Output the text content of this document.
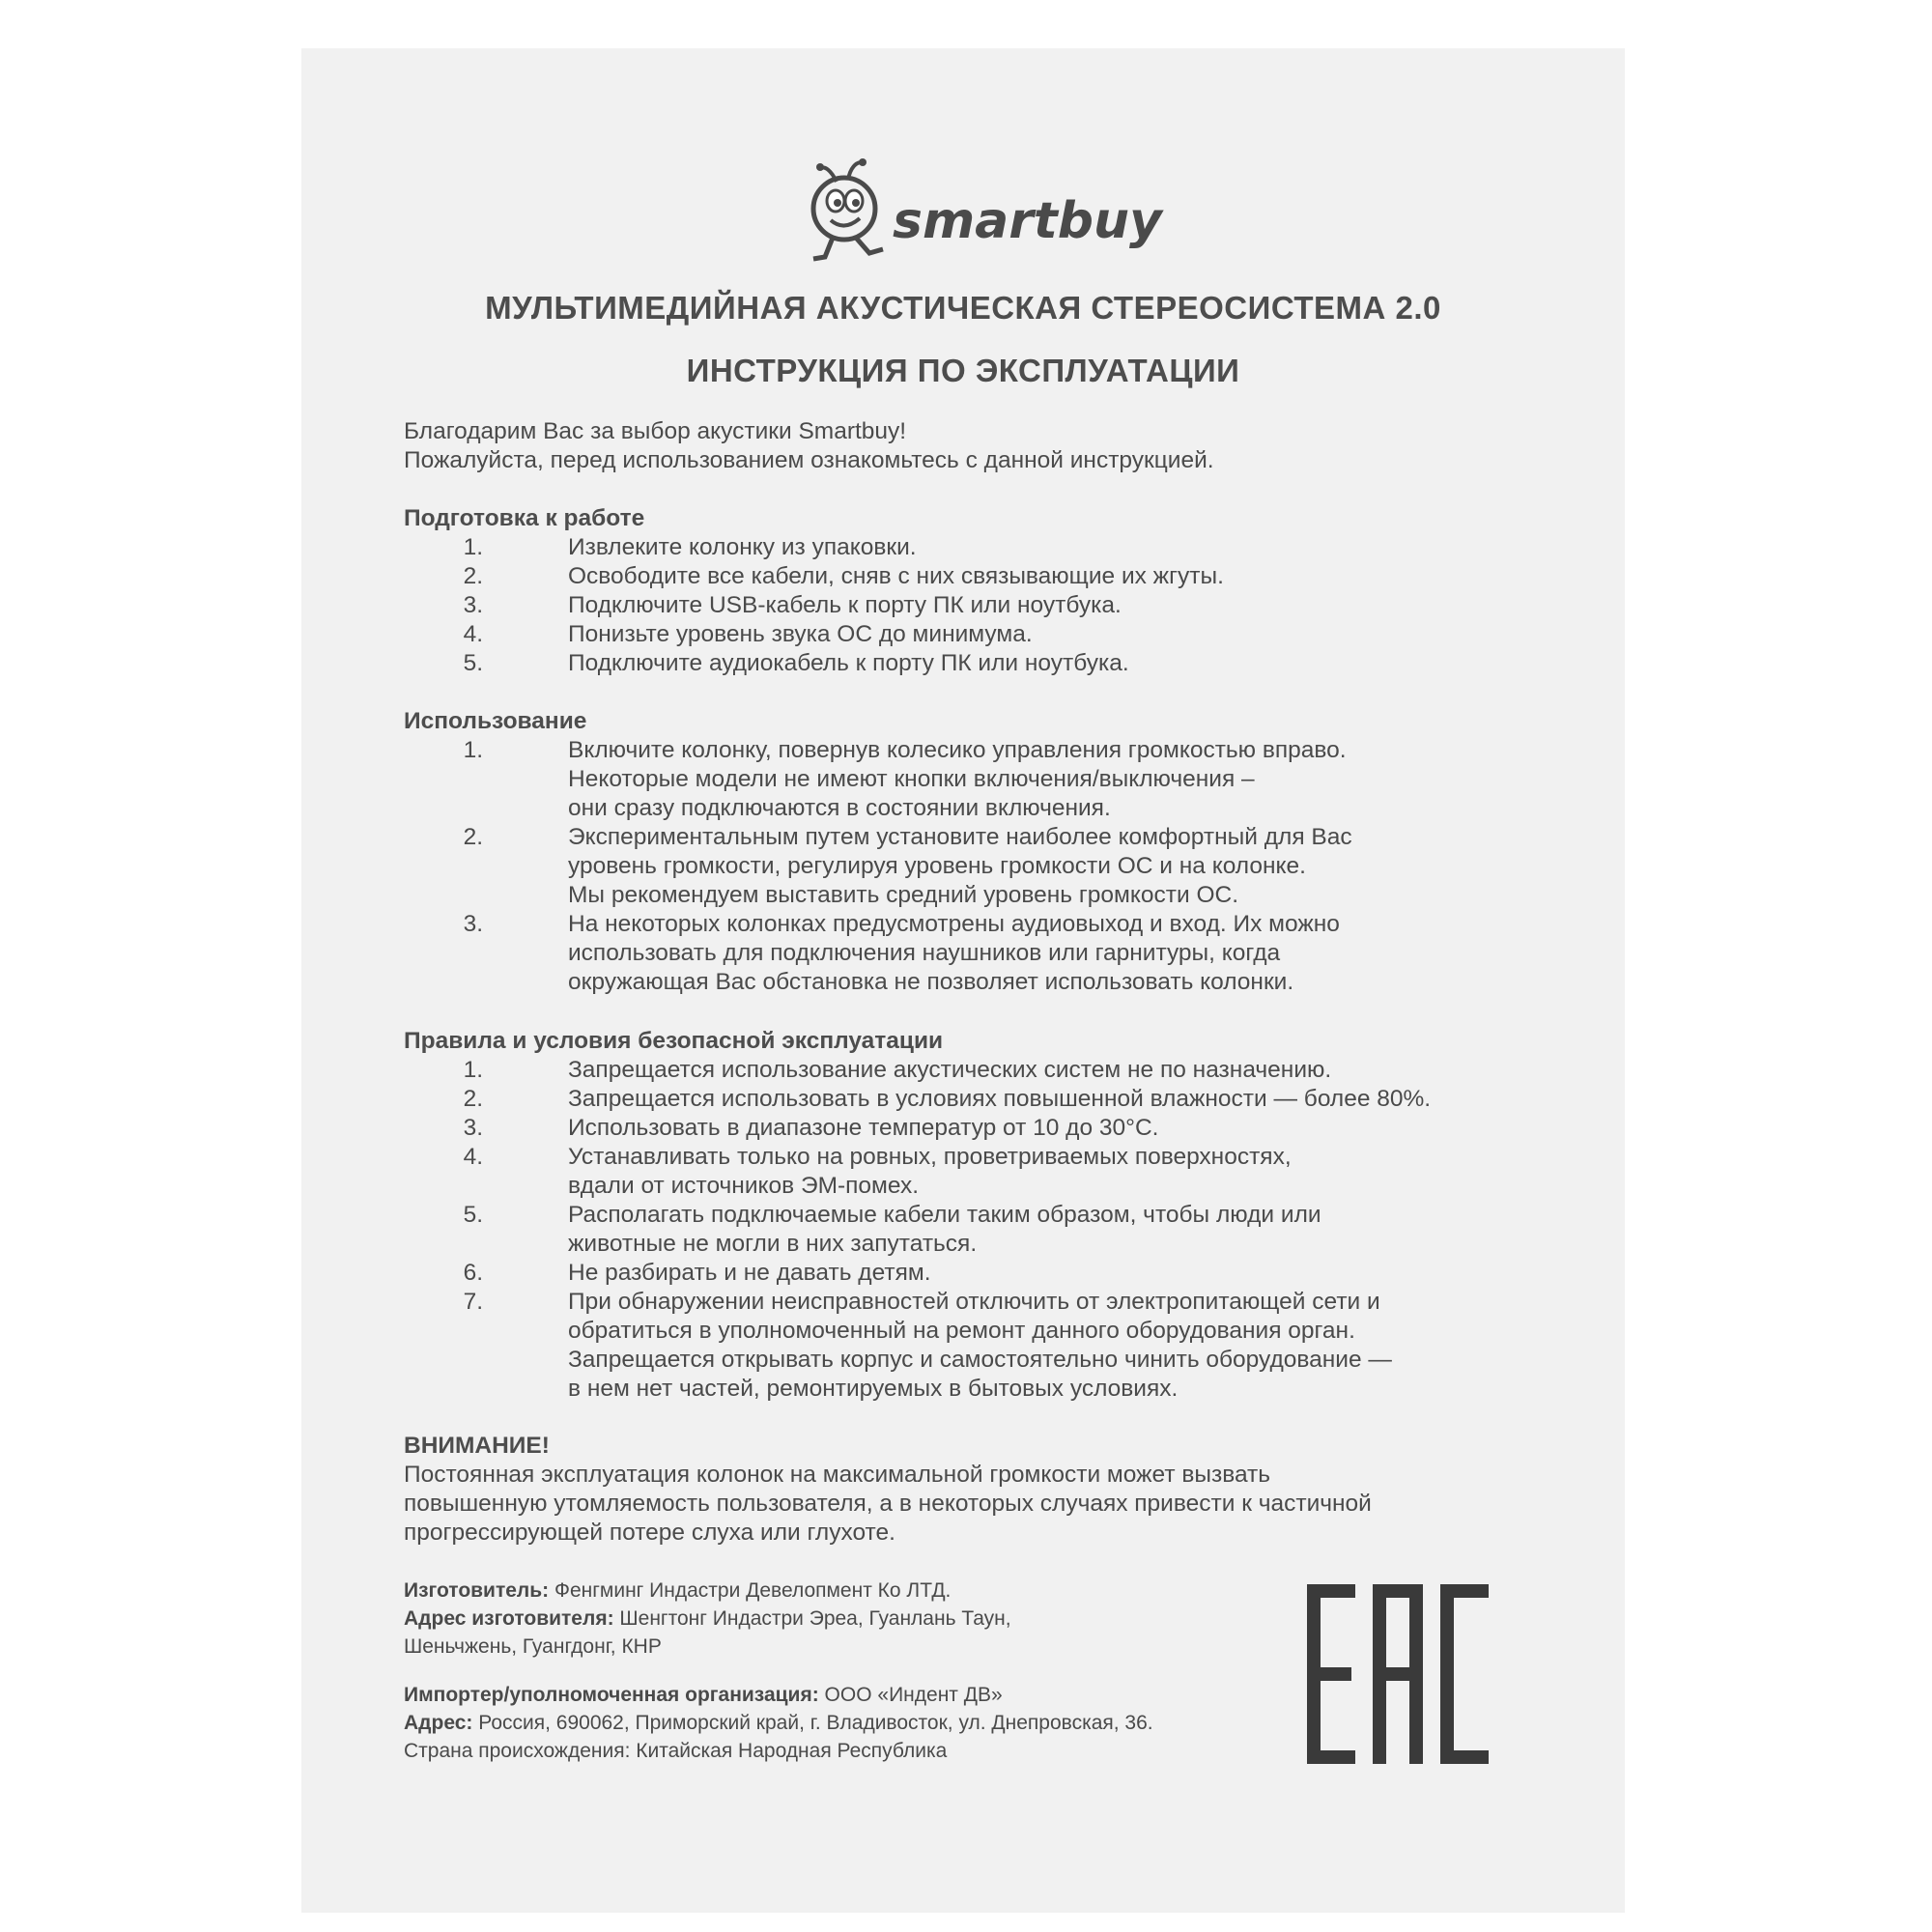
smartbuy
МУЛЬТИМЕДИЙНАЯ АКУСТИЧЕСКАЯ СТЕРЕОСИСТЕМА 2.0
ИНСТРУКЦИЯ ПО ЭКСПЛУАТАЦИИ
Благодарим Вас за выбор акустики Smartbuy!
Пожалуйста, перед использованием ознакомьтесь с данной инструкцией.
Подготовка к работе
1.	Извлеките колонку из упаковки.
2.	Освободите все кабели, сняв с них связывающие их жгуты.
3.	Подключите USB-кабель к порту ПК или ноутбука.
4.	Понизьте уровень звука ОС до минимума.
5.	Подключите аудиокабель к порту ПК или ноутбука.
Использование
1.	Включите колонку, повернув колесико управления громкостью вправо.
Некоторые модели не имеют кнопки включения/выключения –
они сразу подключаются в состоянии включения.
2.	Экспериментальным путем установите наиболее комфортный для Вас
уровень громкости, регулируя уровень громкости ОС и на колонке.
Мы рекомендуем выставить средний уровень громкости ОС.
3.	На некоторых колонках предусмотрены аудиовыход и вход. Их можно
использовать для подключения наушников или гарнитуры, когда
окружающая Вас обстановка не позволяет использовать колонки.
Правила и условия безопасной эксплуатации
1.	Запрещается использование акустических систем не по назначению.
2.	Запрещается использовать в условиях повышенной влажности — более 80%.
3.	Использовать в диапазоне температур от 10 до 30°С.
4.	Устанавливать только на ровных, проветриваемых поверхностях,
вдали от источников ЭМ-помех.
5.	Располагать подключаемые кабели таким образом, чтобы люди или
животные не могли в них запутаться.
6.	Не разбирать и не давать детям.
7.	При обнаружении неисправностей отключить от электропитающей сети и
обратиться в уполномоченный на ремонт данного оборудования орган.
Запрещается открывать корпус и самостоятельно чинить оборудование —
в нем нет частей, ремонтируемых в бытовых условиях.
ВНИМАНИЕ!
Постоянная эксплуатация колонок на максимальной громкости может вызвать
повышенную утомляемость пользователя, а в некоторых случаях привести к частичной
прогрессирующей потере слуха или глухоте.
Изготовитель: Фенгминг Индастри Девелопмент Ко ЛТД.
Адрес изготовителя: Шенгтонг Индастри Эреа, Гуанлань Таун,
Шеньчжень, Гуангдонг, КНР
Импортер/уполномоченная организация: ООО «Индент ДВ»
Адрес: Россия, 690062, Приморский край, г. Владивосток, ул. Днепровская, 36.
Страна происхождения: Китайская Народная Республика
